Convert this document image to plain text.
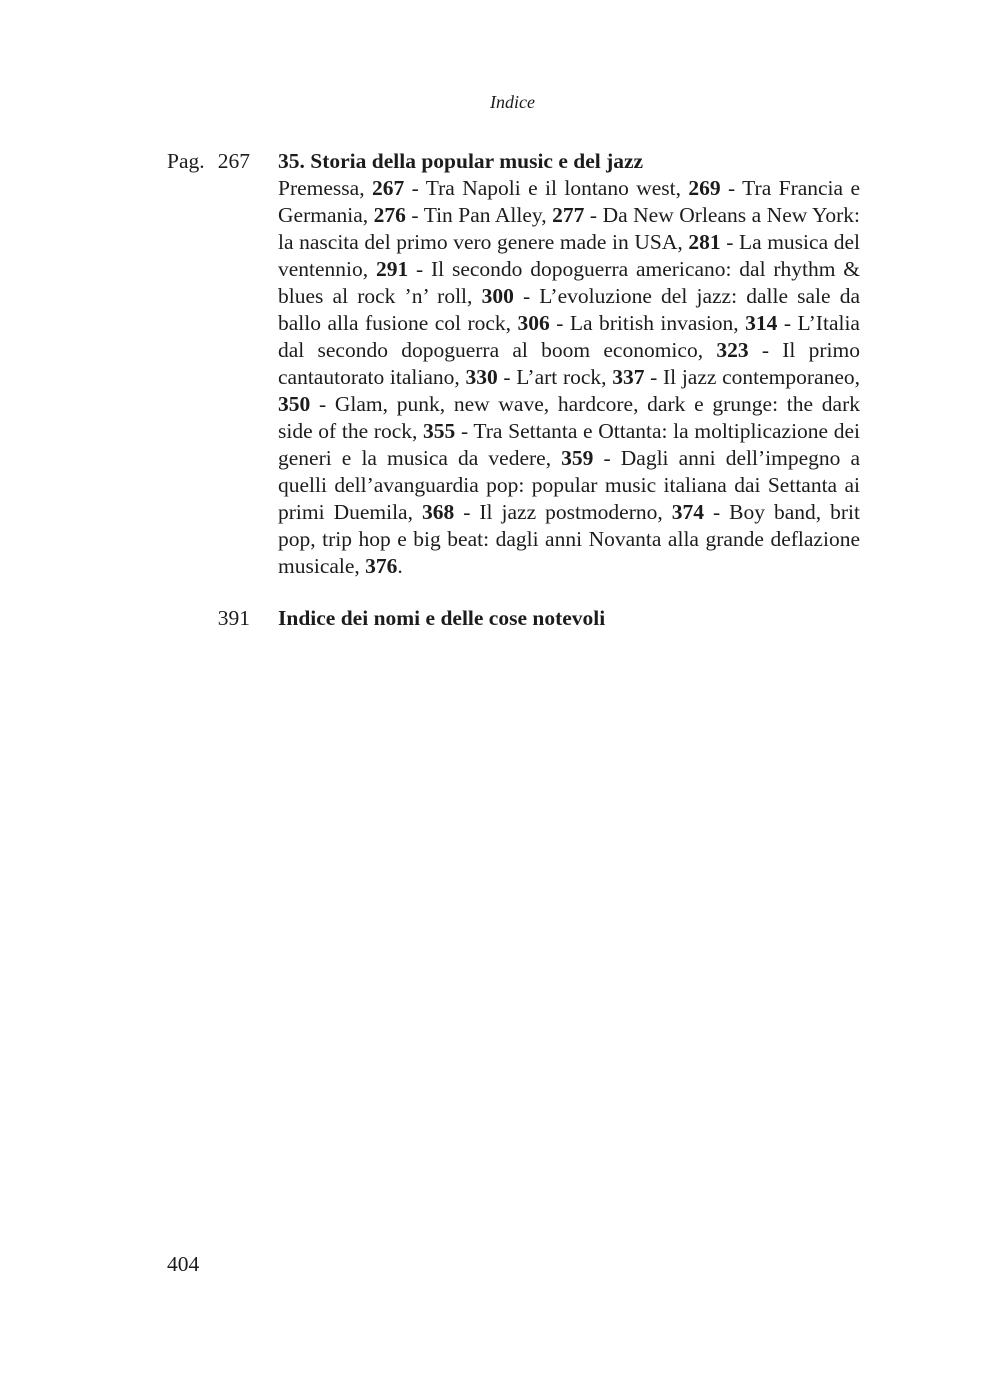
Indice
Pag. 267 35. Storia della popular music e del jazz
Premessa, 267 - Tra Napoli e il lontano west, 269 - Tra Francia e Germania, 276 - Tin Pan Alley, 277 - Da New Orleans a New York: la nascita del primo vero genere made in USA, 281 - La musica del ventennio, 291 - Il secondo dopoguerra americano: dal rhythm & blues al rock ’n’ roll, 300 - L’evoluzione del jazz: dalle sale da ballo alla fusione col rock, 306 - La british invasion, 314 - L’Italia dal secondo dopoguerra al boom economico, 323 - Il primo cantautorato italiano, 330 - L’art rock, 337 - Il jazz contemporaneo, 350 - Glam, punk, new wave, hardcore, dark e grunge: the dark side of the rock, 355 - Tra Settanta e Ottanta: la moltiplicazione dei generi e la musica da vedere, 359 - Dagli anni dell’impegno a quelli dell’avanguardia pop: popular music italiana dai Settanta ai primi Duemila, 368 - Il jazz postmoderno, 374 - Boy band, brit pop, trip hop e big beat: dagli anni Novanta alla grande deflazione musicale, 376.
391 Indice dei nomi e delle cose notevoli
404
